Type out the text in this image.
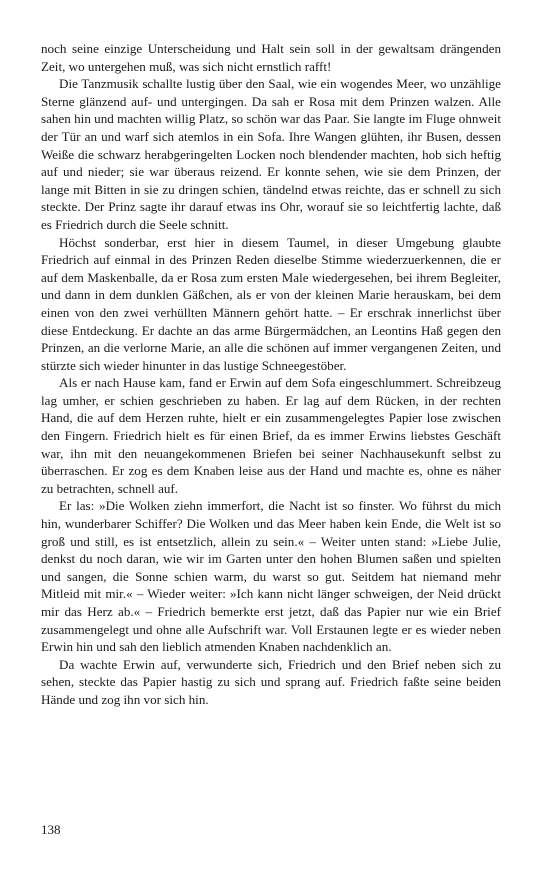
noch seine einzige Unterscheidung und Halt sein soll in der gewaltsam drängenden Zeit, wo untergehen muß, was sich nicht ernstlich rafft!

Die Tanzmusik schallte lustig über den Saal, wie ein wogendes Meer, wo unzählige Sterne glänzend auf- und untergingen. Da sah er Rosa mit dem Prinzen walzen. Alle sahen hin und machten willig Platz, so schön war das Paar. Sie langte im Fluge ohnweit der Tür an und warf sich atemlos in ein Sofa. Ihre Wangen glühten, ihr Busen, dessen Weiße die schwarz herabgeringelten Locken noch blendender machten, hob sich heftig auf und nieder; sie war überaus reizend. Er konnte sehen, wie sie dem Prinzen, der lange mit Bitten in sie zu dringen schien, tändelnd etwas reichte, das er schnell zu sich steckte. Der Prinz sagte ihr darauf etwas ins Ohr, worauf sie so leichtfertig lachte, daß es Friedrich durch die Seele schnitt.

Höchst sonderbar, erst hier in diesem Taumel, in dieser Umgebung glaubte Friedrich auf einmal in des Prinzen Reden dieselbe Stimme wiederzuerkennen, die er auf dem Maskenballe, da er Rosa zum ersten Male wiedergesehen, bei ihrem Begleiter, und dann in dem dunklen Gäßchen, als er von der kleinen Marie herauskam, bei dem einen von den zwei verhüllten Männern gehört hatte. – Er erschrak innerlichst über diese Entdeckung. Er dachte an das arme Bürgermädchen, an Leontins Haß gegen den Prinzen, an die verlorne Marie, an alle die schönen auf immer vergangenen Zeiten, und stürzte sich wieder hinunter in das lustige Schneegestöber.

Als er nach Hause kam, fand er Erwin auf dem Sofa eingeschlummert. Schreibzeug lag umher, er schien geschrieben zu haben. Er lag auf dem Rücken, in der rechten Hand, die auf dem Herzen ruhte, hielt er ein zusammengelegtes Papier lose zwischen den Fingern. Friedrich hielt es für einen Brief, da es immer Erwins liebstes Geschäft war, ihn mit den neuangekommenen Briefen bei seiner Nachhausekunft selbst zu überraschen. Er zog es dem Knaben leise aus der Hand und machte es, ohne es näher zu betrachten, schnell auf.

Er las: »Die Wolken ziehn immerfort, die Nacht ist so finster. Wo führst du mich hin, wunderbarer Schiffer? Die Wolken und das Meer haben kein Ende, die Welt ist so groß und still, es ist entsetzlich, allein zu sein.« – Weiter unten stand: »Liebe Julie, denkst du noch daran, wie wir im Garten unter den hohen Blumen saßen und spielten und sangen, die Sonne schien warm, du warst so gut. Seitdem hat niemand mehr Mitleid mit mir.« – Wieder weiter: »Ich kann nicht länger schweigen, der Neid drückt mir das Herz ab.« – Friedrich bemerkte erst jetzt, daß das Papier nur wie ein Brief zusammengelegt und ohne alle Aufschrift war. Voll Erstaunen legte er es wieder neben Erwin hin und sah den lieblich atmenden Knaben nachdenklich an.

Da wachte Erwin auf, verwunderte sich, Friedrich und den Brief neben sich zu sehen, steckte das Papier hastig zu sich und sprang auf. Friedrich faßte seine beiden Hände und zog ihn vor sich hin.

138
